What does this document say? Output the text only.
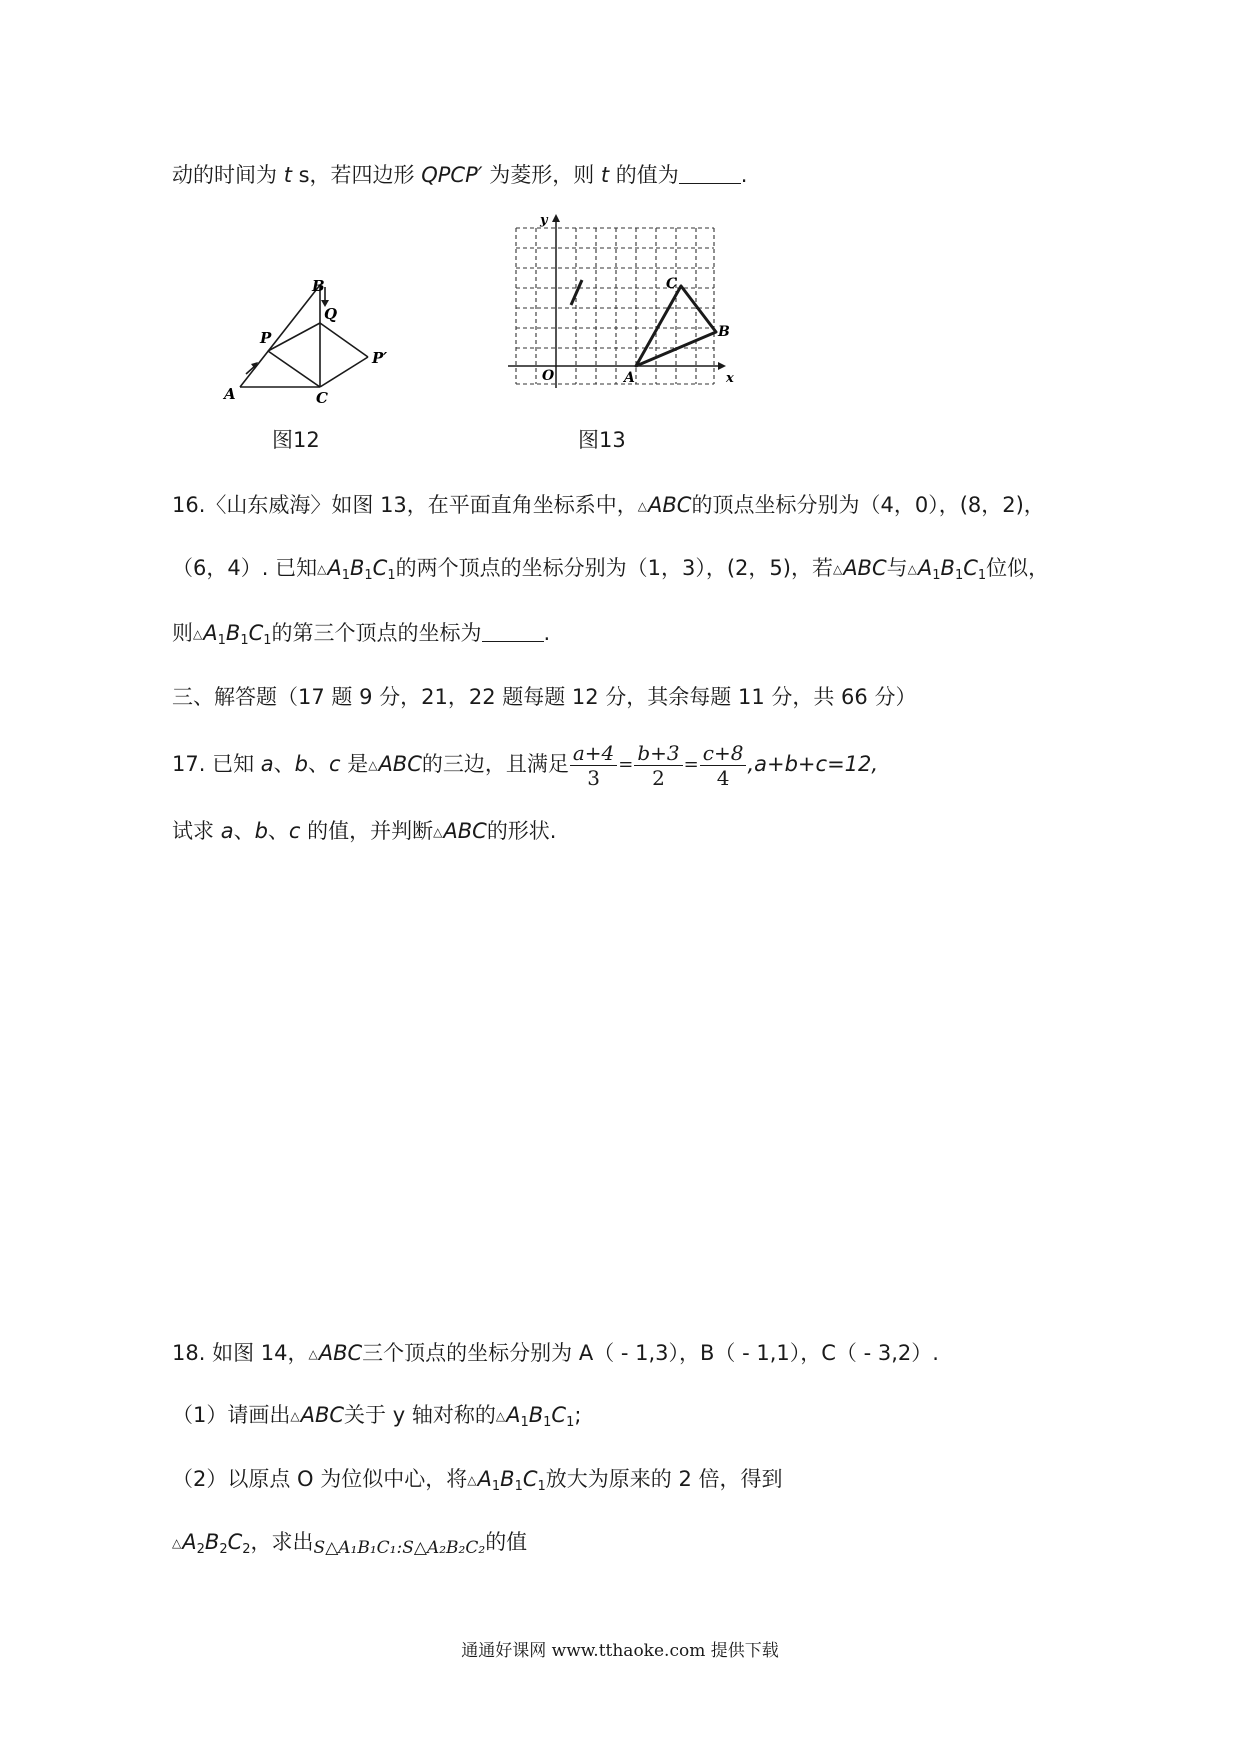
动的时间为 t s，若四边形 QPCP′ 为菱形，则 t 的值为	.
A
B
Q
P
P′
C
图12
y
x
O	A
B
C
图13
16.〈山东威海〉如图 13，在平面直角坐标系中，△ABC的顶点坐标分别为（4，0），(8，2)，
（6，4）. 已知$\triangle A_1B_1C_1$的两个顶点的坐标分别为（1，3），(2，5)，若△ABC与$\triangle A_1B_1C_1$位似，
则$\triangle A_1B_1C_1$的第三个顶点的坐标为	.
三、解答题（17 题 9 分，21，22 题每题 12 分，其余每题 11 分，共 66 分）
17. 已知 a、b、c 是△ABC的三边，且满足 $\frac{a+4}{3} = \frac{b+3}{2} = \frac{c+8}{4} ,a+b+c=12$,
试求 a、b、c 的值，并判断△ABC的形状.
18. 如图 14，△ABC三个顶点的坐标分别为 A（ - 1,3），B（ - 1,1），C（ - 3,2）.
（1）请画出△ABC关于 y 轴对称的$\triangle A_1B_1C_1$;
（2）以原点 O 为位似中心，将$\triangle A_1B_1C_1$放大为原来的 2 倍，得到
$\triangle A_2B_2C_2$，求出S△A₁B₁C₁:S△A₂B₂C₂的值
通通好课网 www.tthaoke.com 提供下载
